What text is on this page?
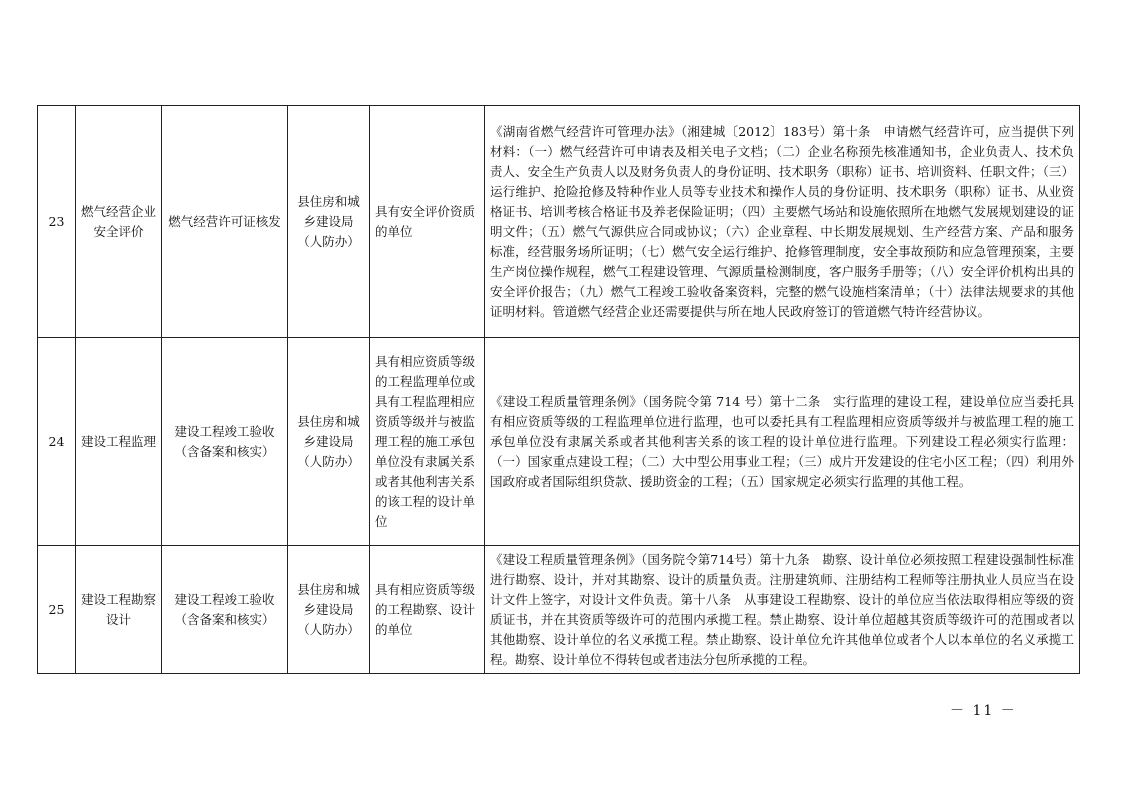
23	燃气经营企业安全评价	燃气经营许可证核发	县住房和城乡建设局（人防办）	具有安全评价资质的单位	《湖南省燃气经营许可管理办法》（湘建城〔2012〕183号）第十条　申请燃气经营许可，应当提供下列材料：（一）燃气经营许可申请表及相关电子文档；（二）企业名称预先核准通知书，企业负责人、技术负责人、安全生产负责人以及财务负责人的身份证明、技术职务（职称）证书、培训资料、任职文件；（三）运行维护、抢险抢修及特种作业人员等专业技术和操作人员的身份证明、技术职务（职称）证书、从业资格证书、培训考核合格证书及养老保险证明；（四）主要燃气场站和设施依照所在地燃气发展规划建设的证明文件；（五）燃气气源供应合同或协议；（六）企业章程、中长期发展规划、生产经营方案、产品和服务标准，经营服务场所证明；（七）燃气安全运行维护、抢修管理制度，安全事故预防和应急管理预案，主要生产岗位操作规程，燃气工程建设管理、气源质量检测制度，客户服务手册等；（八）安全评价机构出具的安全评价报告；（九）燃气工程竣工验收备案资料，完整的燃气设施档案清单；（十）法律法规要求的其他证明材料。管道燃气经营企业还需要提供与所在地人民政府签订的管道燃气特许经营协议。
24	建设工程监理	建设工程竣工验收（含备案和核实）	县住房和城乡建设局（人防办）	具有相应资质等级的工程监理单位或具有工程监理相应资质等级并与被监理工程的施工承包单位没有隶属关系或者其他利害关系的该工程的设计单位	《建设工程质量管理条例》（国务院令第 714 号）第十二条　实行监理的建设工程，建设单位应当委托具有相应资质等级的工程监理单位进行监理，也可以委托具有工程监理相应资质等级并与被监理工程的施工承包单位没有隶属关系或者其他利害关系的该工程的设计单位进行监理。下列建设工程必须实行监理：（一）国家重点建设工程；（二）大中型公用事业工程；（三）成片开发建设的住宅小区工程；（四）利用外国政府或者国际组织贷款、援助资金的工程；（五）国家规定必须实行监理的其他工程。
25	建设工程勘察设计	建设工程竣工验收（含备案和核实）	县住房和城乡建设局（人防办）	具有相应资质等级的工程勘察、设计的单位	《建设工程质量管理条例》（国务院令第714号）第十九条　勘察、设计单位必须按照工程建设强制性标准进行勘察、设计，并对其勘察、设计的质量负责。注册建筑师、注册结构工程师等注册执业人员应当在设计文件上签字，对设计文件负责。第十八条　从事建设工程勘察、设计的单位应当依法取得相应等级的资质证书，并在其资质等级许可的范围内承揽工程。禁止勘察、设计单位超越其资质等级许可的范围或者以其他勘察、设计单位的名义承揽工程。禁止勘察、设计单位允许其他单位或者个人以本单位的名义承揽工程。勘察、设计单位不得转包或者违法分包所承揽的工程。
－ 11 －
